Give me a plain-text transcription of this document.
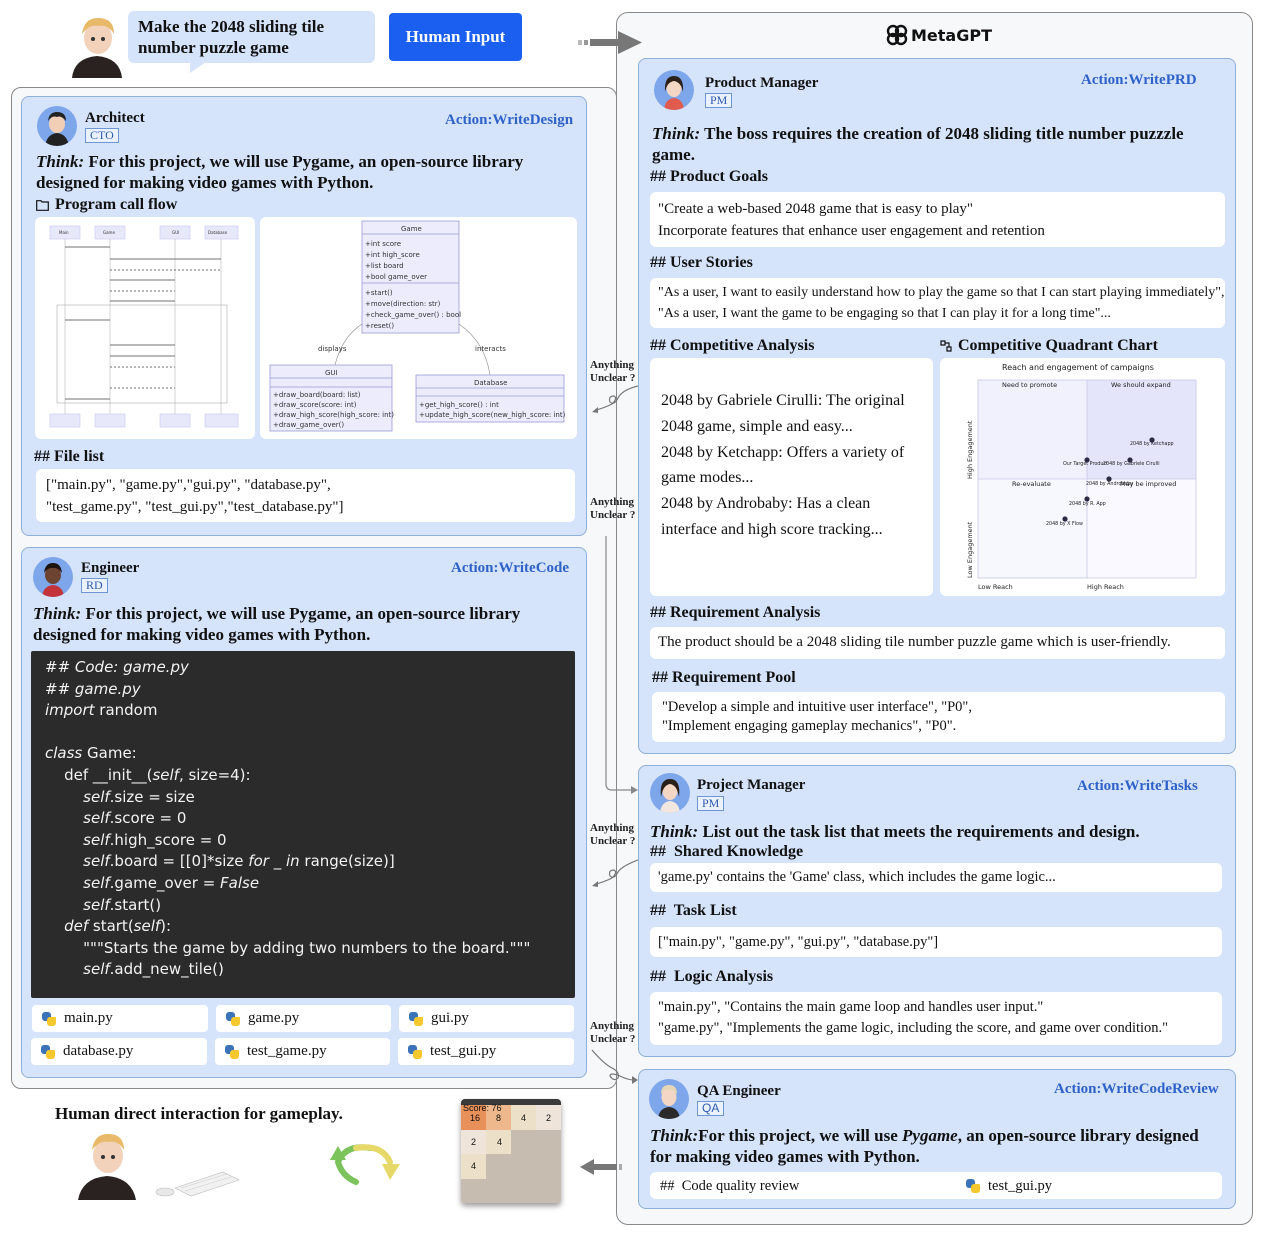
Make the 2048 sliding tile number puzzle game
Human Input	MetaGPT
Architect
CTO
Action:WriteDesign
Think: For this project, we will use Pygame, an open-source library designed for making video games with Python.
Program call flow
Main	Game	GUI	Database	Game
+int score
+int high_score
+list board
+bool game_over
+start()
+move(direction: str)
+check_game_over() : bool
+reset()
displays	interacts
GUI
+draw_board(board: list)
+draw_score(score: int)
+draw_high_score(high_score: int)
+draw_game_over()
Database
+get_high_score() : int
+update_high_score(new_high_score: int)
## File list
["main.py", "game.py","gui.py", "database.py",
"test_game.py", "test_gui.py","test_database.py"]
Engineer
RD
Action:WriteCode
Think: For this project, we will use Pygame, an open-source library designed for making video games with Python.
## Code: game.py
## game.py
import random

class Game:
def __init__(self, size=4):
self.size = size
self.score = 0
self.high_score = 0
self.board = [[0]*size for _ in range(size)]
self.game_over = False
self.start()
def start(self):
"""Starts the game by adding two numbers to the board."""
self.add_new_tile()
main.py	game.py	gui.py
database.py	test_game.py	test_gui.py
Product Manager
PM
Action:WritePRD
Think: The boss requires the creation of 2048 sliding title number puzzzle game.
## Product Goals
"Create a web-based 2048 game that is easy to play"
Incorporate features that enhance user engagement and retention
## User Stories
"As a user, I want to easily understand how to play the game so that I can start playing immediately",
"As a user, I want the game to be engaging so that I can play it for a long time"...
## Competitive Analysis	Competitive Quadrant Chart
2048 by Gabriele Cirulli: The original 2048 game, simple and easy...
2048 by Ketchapp: Offers a variety of game modes...
2048 by Androbaby: Has a clean interface and high score tracking...
Reach and engagement of campaigns
Need to promote	We should expand
Re-evaluate	May be improved
Low Reach	High Reach
Low Engagement
High Engagement	2048 by Ketchapp
2048 by Gabriele Cirulli
Our Target Product
2048 by Androbaby
2048 by R. App
2048 by X Flow
## Requirement Analysis
The product should be a 2048 sliding tile number puzzle game which is user-friendly.
## Requirement Pool
"Develop a simple and intuitive user interface", "P0",
"Implement engaging gameplay mechanics", "P0".
Project Manager
PM
Action:WriteTasks
Think: List out the task list that meets the requirements and design.
##  Shared Knowledge
'game.py' contains the 'Game' class, which includes the game logic...
##  Task List
["main.py", "game.py", "gui.py", "database.py"]
##  Logic Analysis
"main.py", "Contains the main game loop and handles user input."
"game.py", "Implements the game logic, including the score, and game over condition."
QA Engineer
QA
Action:WriteCodeReview
Think:For this project, we will use Pygame, an open-source library designed for making video games with Python.
##  Code quality review	test_gui.py
Anything
Unclear ?
Anything
Unclear ?
Anything
Unclear ?
Anything
Unclear ?
Human direct interaction for gameplay.	Score: 76
16 8 4 2
2 4
4
